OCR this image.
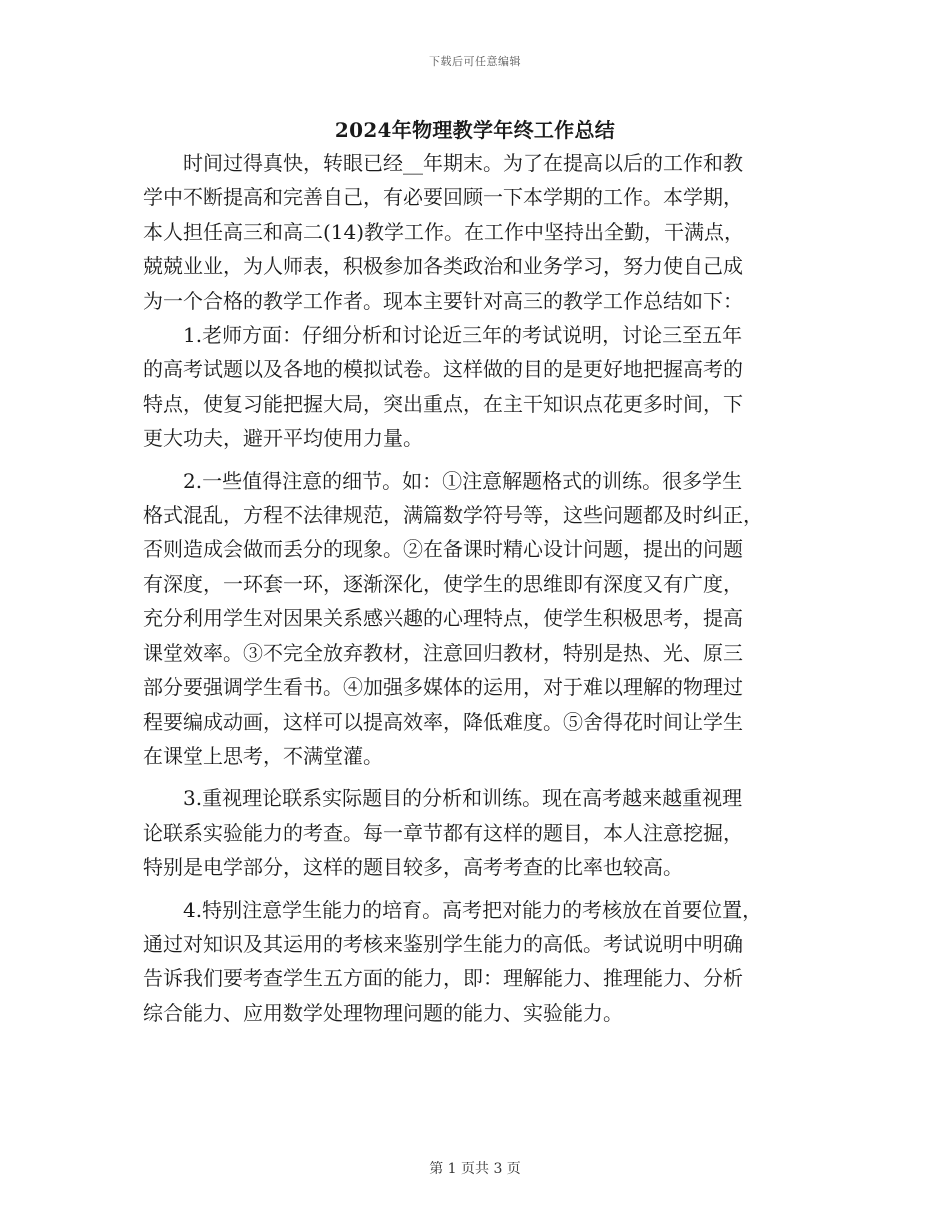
下载后可任意编辑
2024年物理教学年终工作总结
时间过得真快，转眼已经__年期末。为了在提高以后的工作和教
学中不断提高和完善自己，有必要回顾一下本学期的工作。本学期，
本人担任高三和高二(14)教学工作。在工作中坚持出全勤，干满点，
兢兢业业，为人师表，积极参加各类政治和业务学习，努力使自己成
为一个合格的教学工作者。现本主要针对高三的教学工作总结如下：
1.老师方面：仔细分析和讨论近三年的考试说明，讨论三至五年
的高考试题以及各地的模拟试卷。这样做的目的是更好地把握高考的
特点，使复习能把握大局，突出重点，在主干知识点花更多时间，下
更大功夫，避开平均使用力量。
2.一些值得注意的细节。如：①注意解题格式的训练。很多学生
格式混乱，方程不法律规范，满篇数学符号等，这些问题都及时纠正，
否则造成会做而丢分的现象。②在备课时精心设计问题，提出的问题
有深度，一环套一环，逐渐深化，使学生的思维即有深度又有广度，
充分利用学生对因果关系感兴趣的心理特点，使学生积极思考，提高
课堂效率。③不完全放弃教材，注意回归教材，特别是热、光、原三
部分要强调学生看书。④加强多媒体的运用，对于难以理解的物理过
程要编成动画，这样可以提高效率，降低难度。⑤舍得花时间让学生
在课堂上思考，不满堂灌。
3.重视理论联系实际题目的分析和训练。现在高考越来越重视理
论联系实验能力的考查。每一章节都有这样的题目，本人注意挖掘，
特别是电学部分，这样的题目较多，高考考查的比率也较高。
4.特别注意学生能力的培育。高考把对能力的考核放在首要位置，
通过对知识及其运用的考核来鉴别学生能力的高低。考试说明中明确
告诉我们要考查学生五方面的能力，即：理解能力、推理能力、分析
综合能力、应用数学处理物理问题的能力、实验能力。
第 1 页共 3 页
